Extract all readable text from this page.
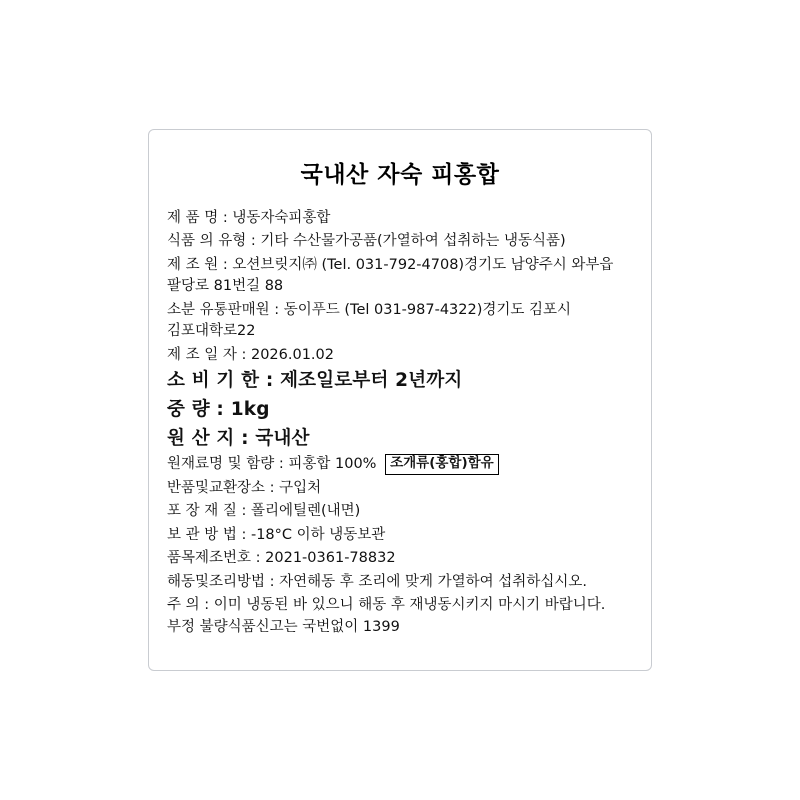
국내산 자숙 피홍합
제 품 명 : 냉동자숙피홍합
식품 의 유형 : 기타 수산물가공품(가열하여 섭취하는 냉동식품)
제 조 원 : 오션브릿지㈜ (Tel. 031-792-4708)경기도 남양주시 와부읍
팔당로 81번길 88
소분 유통판매원 : 동이푸드 (Tel 031-987-4322)경기도 김포시
김포대학로22
제 조 일 자 : 2026.01.02
소 비 기 한 : 제조일로부터 2년까지
중 량 : 1kg
원 산 지 : 국내산
원재료명 및 함량 : 피홍합 100% 조개류(홍합)함유
반품및교환장소 : 구입처
포 장 재 질 : 폴리에틸렌(내면)
보 관 방 법 : -18°C 이하 냉동보관
품목제조번호 : 2021-0361-78832
해동및조리방법 : 자연해동 후 조리에 맞게 가열하여 섭취하십시오.
주 의 : 이미 냉동된 바 있으니 해동 후 재냉동시키지 마시기 바랍니다.
부정 불량식품신고는 국번없이 1399
